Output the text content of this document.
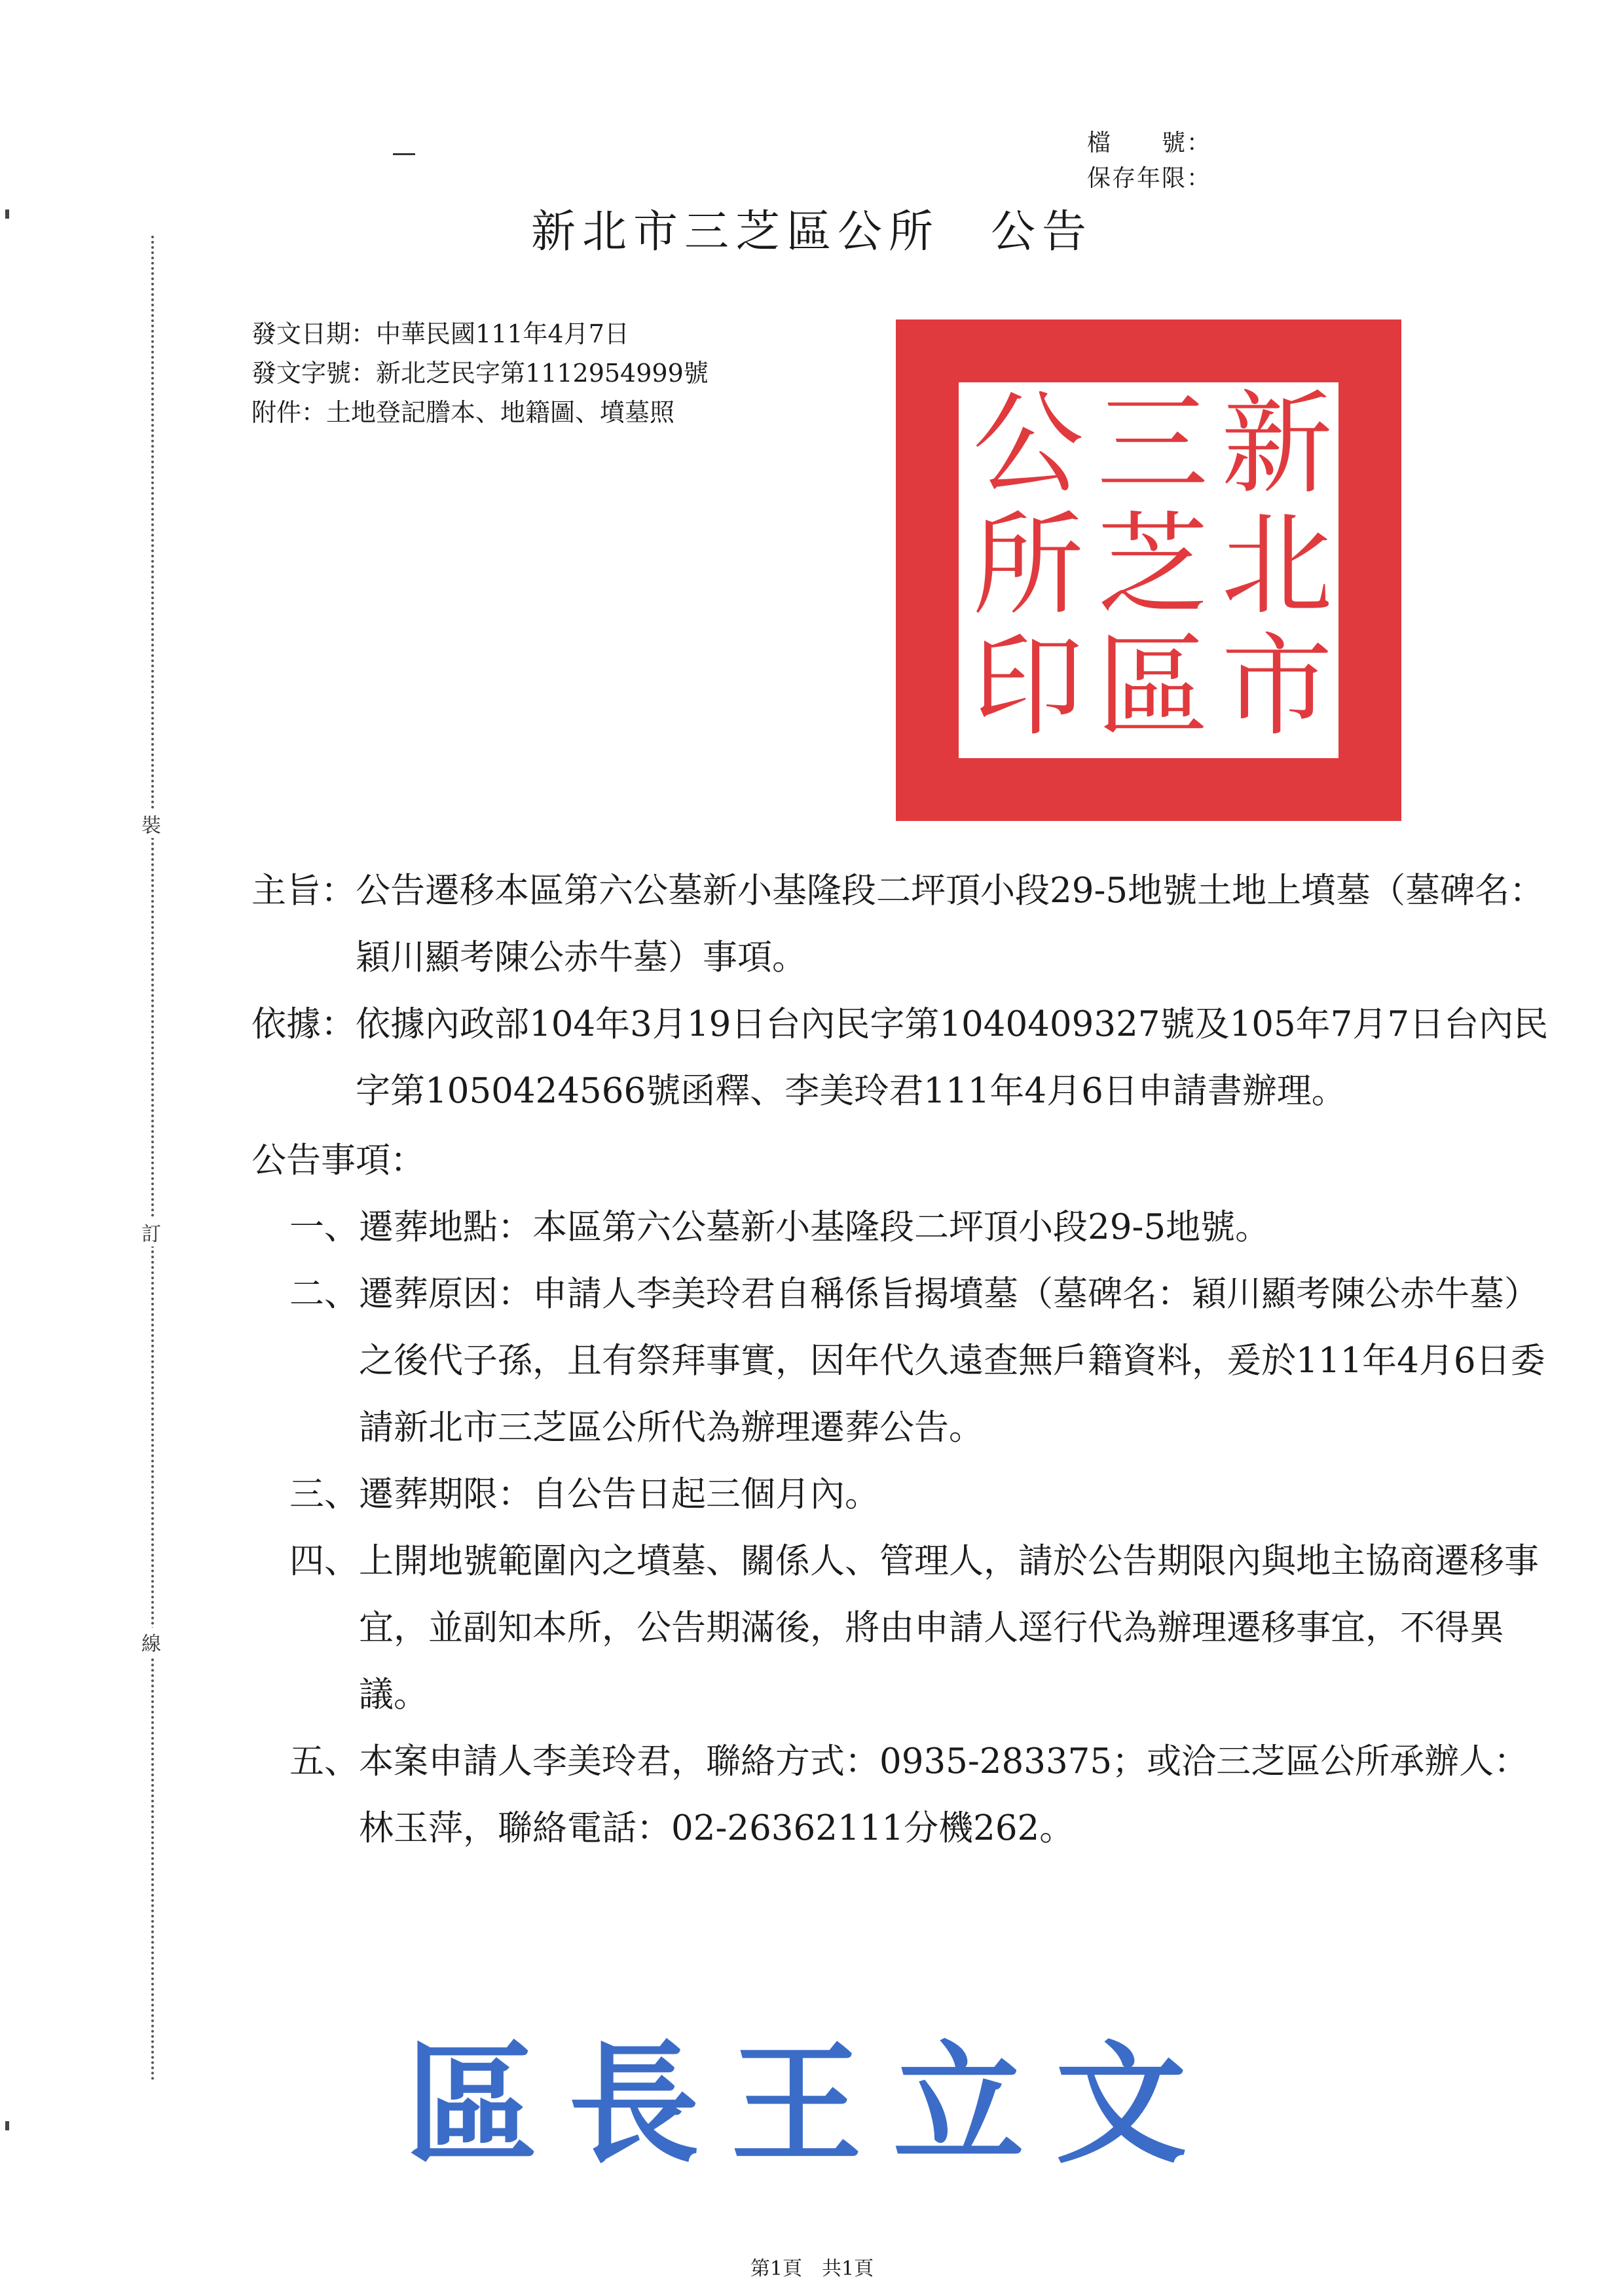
裝
訂
線
檔　　號：
保存年限：
新北市三芝區公所　公告
發文日期：中華民國111年4月7日
發文字號：新北芝民字第1112954999號
附件：土地登記謄本、地籍圖、墳墓照	新
北
市
三
芝
區
公
所
印
主旨： 公告遷移本區第六公墓新小基隆段二坪頂小段29-5地號土地上墳墓（墓碑名：穎川顯考陳公赤牛墓）事項。
依據： 依據內政部104年3月19日台內民字第1040409327號及105年7月7日台內民字第1050424566號函釋、李美玲君111年4月6日申請書辦理。
公告事項：
一、 遷葬地點：本區第六公墓新小基隆段二坪頂小段29-5地號。
二、 遷葬原因：申請人李美玲君自稱係旨揭墳墓（墓碑名：穎川顯考陳公赤牛墓）之後代子孫，且有祭拜事實，因年代久遠查無戶籍資料，爰於111年4月6日委請新北市三芝區公所代為辦理遷葬公告。
三、 遷葬期限：自公告日起三個月內。
四、 上開地號範圍內之墳墓、關係人、管理人，請於公告期限內與地主協商遷移事宜，並副知本所，公告期滿後，將由申請人逕行代為辦理遷移事宜，不得異議。
五、 本案申請人李美玲君，聯絡方式：0935-283375；或洽三芝區公所承辦人：林玉萍，聯絡電話：02-26362111分機262。
區長王立文
第1頁　共1頁
